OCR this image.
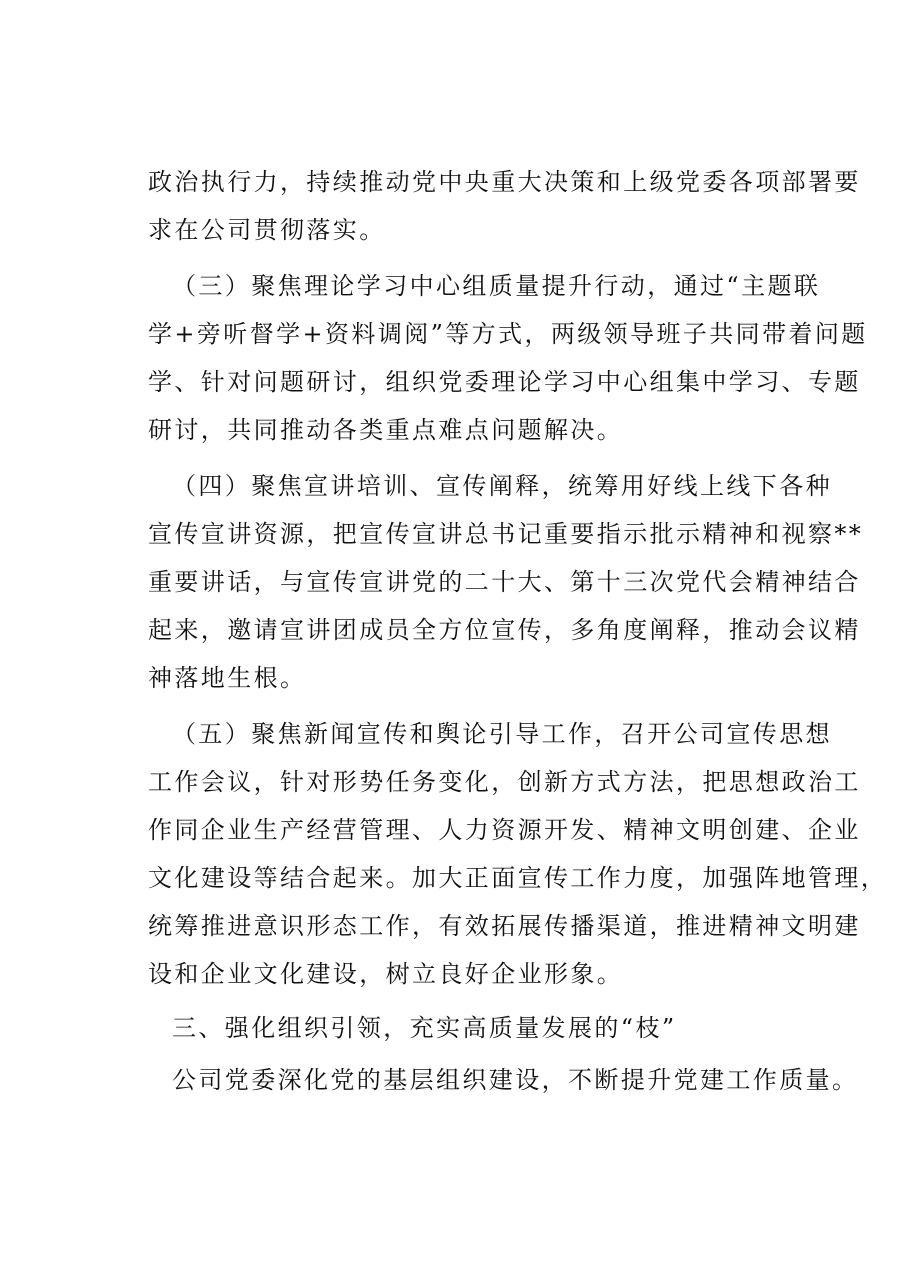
政治执行力，持续推动党中央重大决策和上级党委各项部署要
求在公司贯彻落实。
（三）聚焦理论学习中心组质量提升行动，通过“主题联
学+旁听督学+资料调阅”等方式，两级领导班子共同带着问题
学、针对问题研讨，组织党委理论学习中心组集中学习、专题
研讨，共同推动各类重点难点问题解决。
（四）聚焦宣讲培训、宣传阐释，统筹用好线上线下各种
宣传宣讲资源，把宣传宣讲总书记重要指示批示精神和视察**
重要讲话，与宣传宣讲党的二十大、第十三次党代会精神结合
起来，邀请宣讲团成员全方位宣传，多角度阐释，推动会议精
神落地生根。
（五）聚焦新闻宣传和舆论引导工作，召开公司宣传思想
工作会议，针对形势任务变化，创新方式方法，把思想政治工
作同企业生产经营管理、人力资源开发、精神文明创建、企业
文化建设等结合起来。加大正面宣传工作力度，加强阵地管理，
统筹推进意识形态工作，有效拓展传播渠道，推进精神文明建
设和企业文化建设，树立良好企业形象。
三、强化组织引领，充实高质量发展的“枝”
公司党委深化党的基层组织建设，不断提升党建工作质量。
